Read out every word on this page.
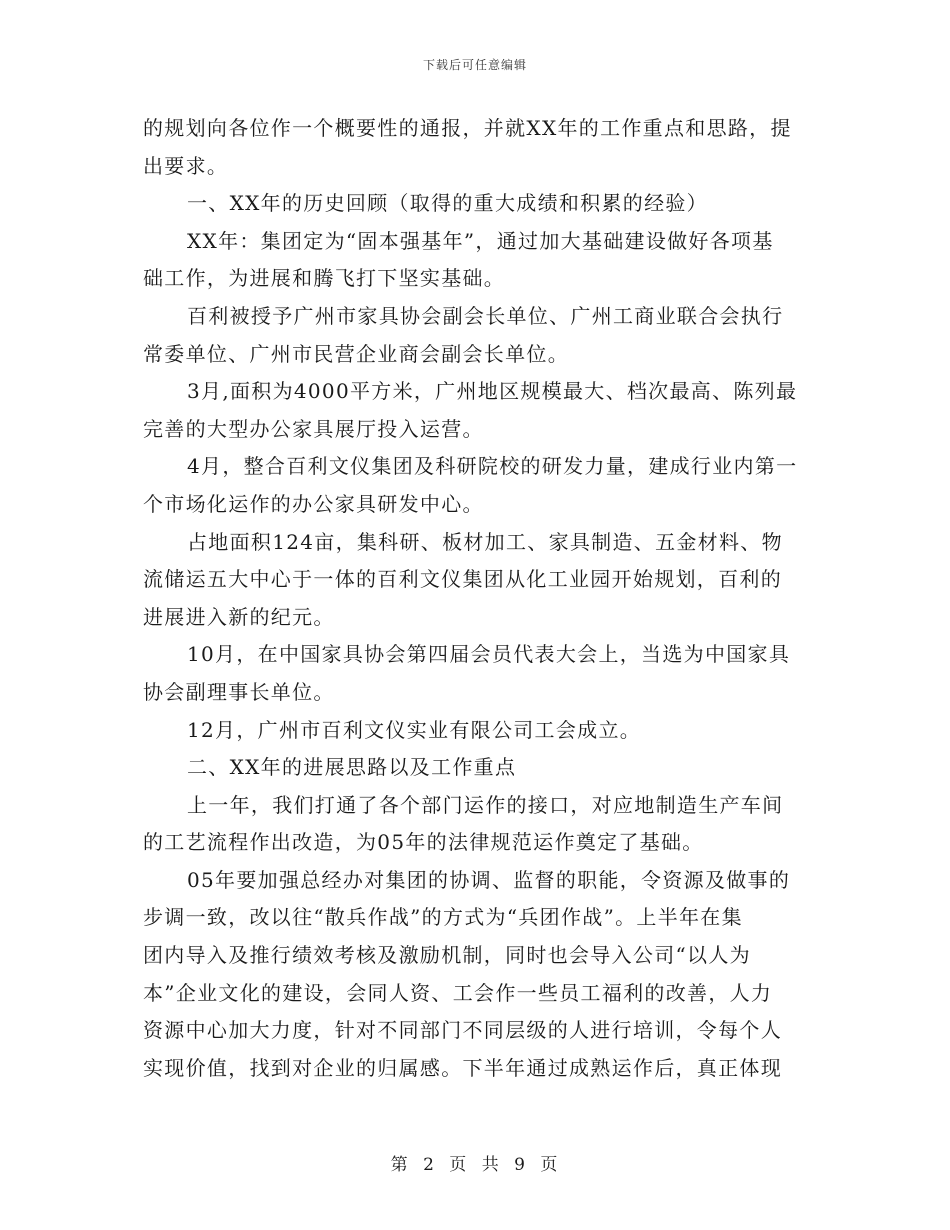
下载后可任意编辑
的规划向各位作一个概要性的通报，并就XX年的工作重点和思路，提
出要求。
一、XX年的历史回顾（取得的重大成绩和积累的经验）
XX年：集团定为“固本强基年”，通过加大基础建设做好各项基
础工作，为进展和腾飞打下坚实基础。
百利被授予广州市家具协会副会长单位、广州工商业联合会执行
常委单位、广州市民营企业商会副会长单位。
3月,面积为4000平方米，广州地区规模最大、档次最高、陈列最
完善的大型办公家具展厅投入运营。
4月，整合百利文仪集团及科研院校的研发力量，建成行业内第一
个市场化运作的办公家具研发中心。
占地面积124亩，集科研、板材加工、家具制造、五金材料、物
流储运五大中心于一体的百利文仪集团从化工业园开始规划，百利的
进展进入新的纪元。
10月，在中国家具协会第四届会员代表大会上，当选为中国家具
协会副理事长单位。
12月，广州市百利文仪实业有限公司工会成立。
二、XX年的进展思路以及工作重点
上一年，我们打通了各个部门运作的接口，对应地制造生产车间
的工艺流程作出改造，为05年的法律规范运作奠定了基础。
05年要加强总经办对集团的协调、监督的职能，令资源及做事的
步调一致，改以往“散兵作战”的方式为“兵团作战”。上半年在集
团内导入及推行绩效考核及激励机制，同时也会导入公司“以人为
本”企业文化的建设，会同人资、工会作一些员工福利的改善，人力
资源中心加大力度，针对不同部门不同层级的人进行培训，令每个人
实现价值，找到对企业的归属感。下半年通过成熟运作后，真正体现
第 2 页 共 9 页
